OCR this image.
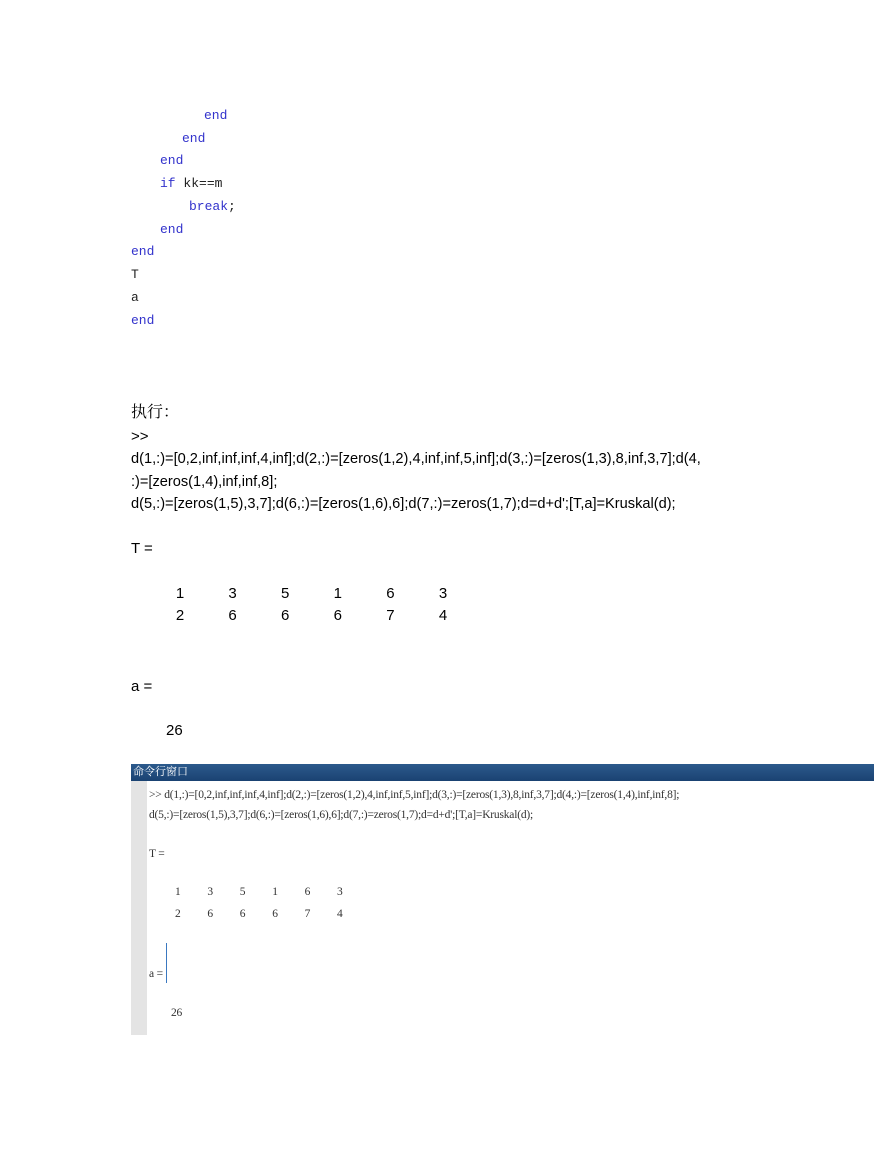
end
end
end
if kk==m
break;
end
end
T
a
end
执行：
>>
d(1,:)=[0,2,inf,inf,inf,4,inf];d(2,:)=[zeros(1,2),4,inf,inf,5,inf];d(3,:)=[zeros(1,3),8,inf,3,7];d(4,
:)=[zeros(1,4),inf,inf,8];
d(5,:)=[zeros(1,5),3,7];d(6,:)=[zeros(1,6),6];d(7,:)=zeros(1,7);d=d+d';[T,a]=Kruskal(d);
T =
1	3	5	1	6	3
2	6	6	6	7	4
a =
26
命令行窗口
>> d(1,:)=[0,2,inf,inf,inf,4,inf];d(2,:)=[zeros(1,2),4,inf,inf,5,inf];d(3,:)=[zeros(1,3),8,inf,3,7];d(4,:)=[zeros(1,4),inf,inf,8];
d(5,:)=[zeros(1,5),3,7];d(6,:)=[zeros(1,6),6];d(7,:)=zeros(1,7);d=d+d';[T,a]=Kruskal(d);
T =
1	3	5	1	6	3
2	6	6	6	7	4
a =
26
